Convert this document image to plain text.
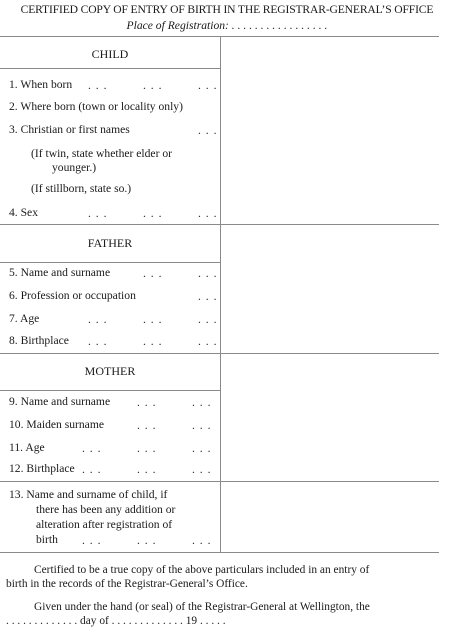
CERTIFIED COPY OF ENTRY OF BIRTH IN THE REGISTRAR-GENERAL’S OFFICE
Place of Registration: . . . . . . . . . . . . . . . . .
CHILD
1. When born . . .	. . .	. . .
2. Where born (town or locality only)
3. Christian or first names	. . .
(If twin, state whether elder or
younger.)
(If stillborn, state so.)
4. Sex	. . .	. . .	. . .
FATHER
5. Name and surname	. . .	. . .
6. Profession or occupation	. . .
7. Age	. . .	. . .	. . .
8. Birthplace . . .	. . .	. . .
MOTHER
9. Name and surname . . .	. . .
10. Maiden surname	. . .	. . .
11. Age	. . .	. . .	. . .
12. Birthplace . . .	. . .	. . .
13. Name and surname of child, if
there has been any addition or
alteration after registration of
birth . . .	. . .	. . .
Certified to be a true copy of the above particulars included in an entry of
birth in the records of the Registrar-General’s Office.
Given under the hand (or seal) of the Registrar-General at Wellington, the
. . . . . . . . . . . . . day of . . . . . . . . . . . . . 19 . . . . .
